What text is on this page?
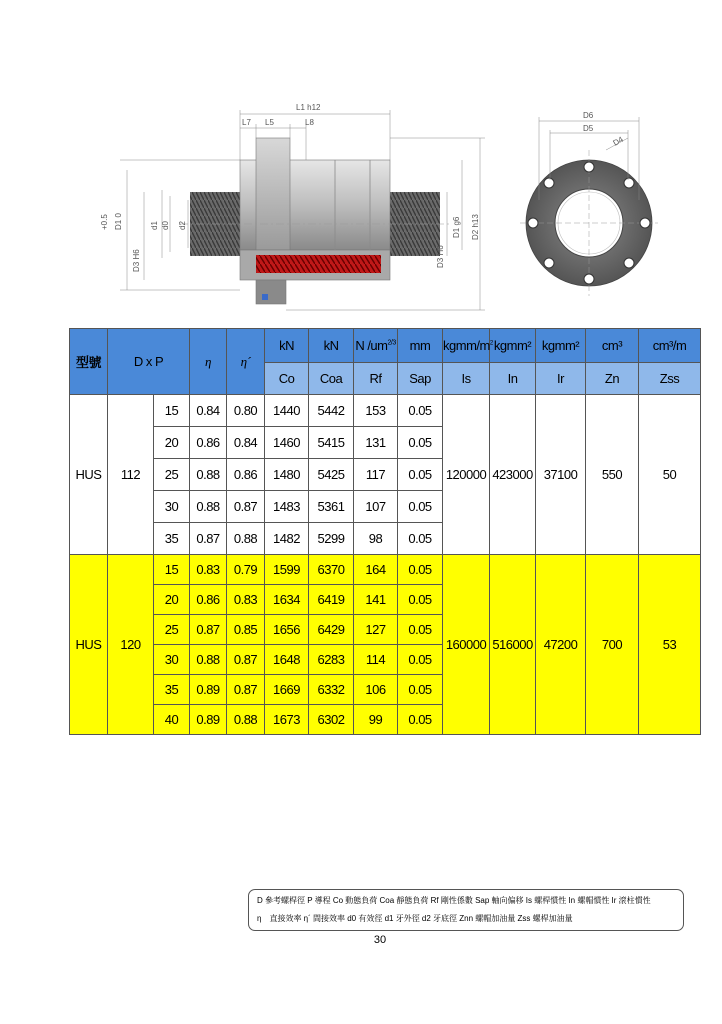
L1 h12
L7 L5	L8
+0.5 D1 0
D3 H6
d1 d0 d2
D3 H6
D1 g6 D2 h13
D6
D5
D4
型號	D x P		η	η´	kN	kN	N $/um^{2/3}$	mm	kgmm/$m^2$	kgmm²	kgmm²	cm³	cm³/m
					Co	Coa	Rf	Sap	Is	In	Ir	Zn	Zss
HUS	112	15	0.84	0.80	1440	5442	153	0.05	120000	423000	37100	550	50
		20	0.86	0.84	1460	5415	131	0.05					
		25	0.88	0.86	1480	5425	117	0.05					
		30	0.88	0.87	1483	5361	107	0.05					
		35	0.87	0.88	1482	5299	98	0.05					
HUS	120	15	0.83	0.79	1599	6370	164	0.05	160000	516000	47200	700	53
		20	0.86	0.83	1634	6419	141	0.05					
		25	0.87	0.85	1656	6429	127	0.05					
		30	0.88	0.87	1648	6283	114	0.05					
		35	0.89	0.87	1669	6332	106	0.05					
		40	0.89	0.88	1673	6302	99	0.05					
D 參考螺桿徑 P 導程 Co 動態負荷 Coa 靜態負荷 Rf 剛性係數 Sap 軸向偏移 Is 螺桿慣性 In 螺帽慣性 Ir 滾柱慣性
η　直接效率 η´ 間接效率 d0 有效徑 d1 牙外徑 d2 牙底徑 Znn 螺帽加油量 Zss 螺桿加油量
30
